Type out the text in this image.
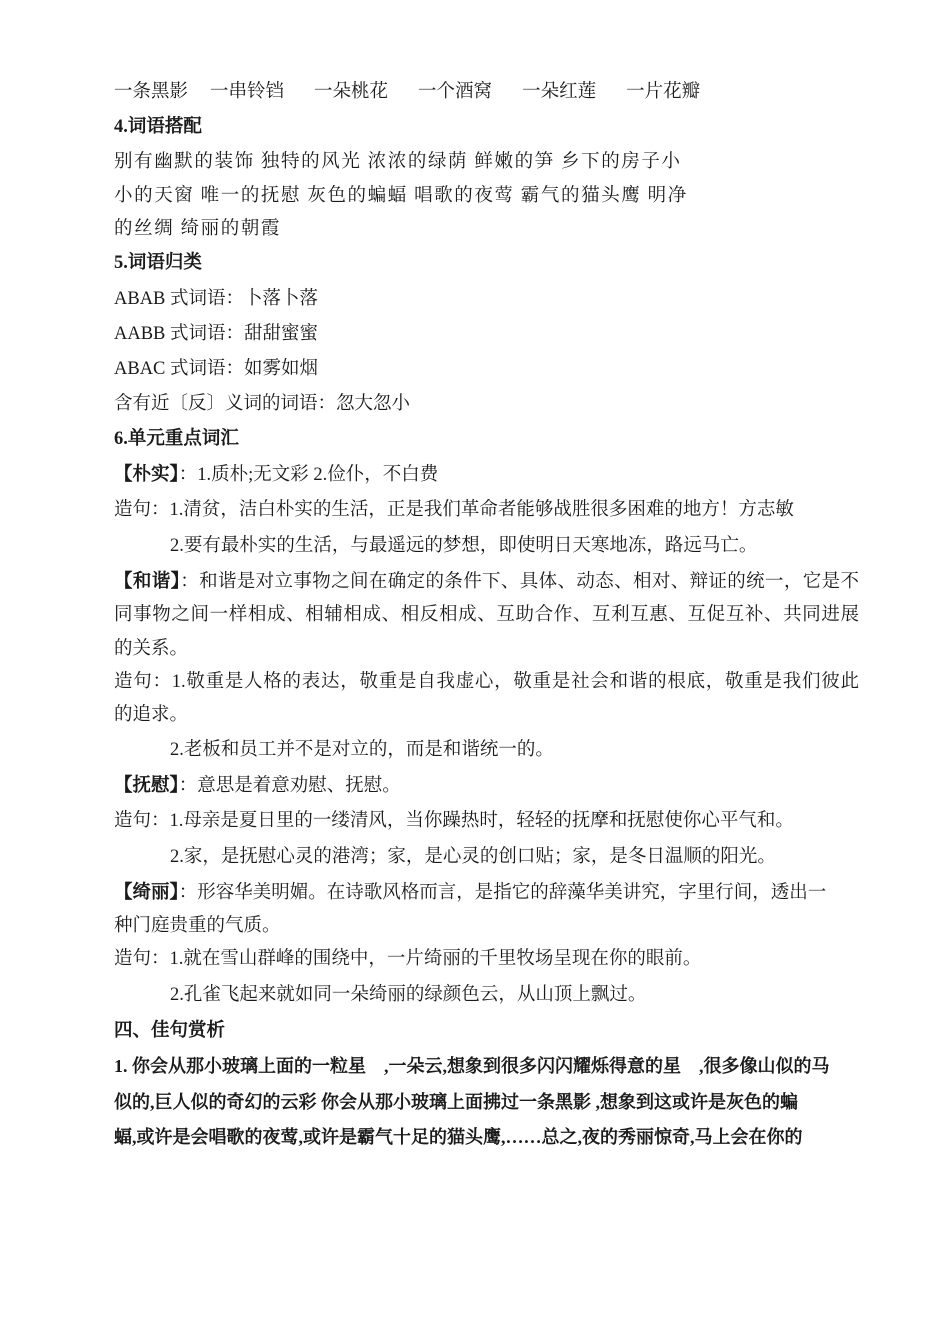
一条黑影 一串铃铛 一朵桃花 一个酒窝 一朵红莲 一片花瓣
4.词语搭配
别有幽默的装饰 独特的风光 浓浓的绿荫 鲜嫩的笋 乡下的房子小
小的天窗 唯一的抚慰 灰色的蝙蝠 唱歌的夜莺 霸气的猫头鹰 明净
的丝绸 绮丽的朝霞
5.词语归类
ABAB 式词语：卜落卜落
AABB 式词语：甜甜蜜蜜
ABAC 式词语：如雾如烟
含有近〔反〕义词的词语：忽大忽小
6.单元重点词汇
【朴实】：1.质朴;无文彩 2.俭仆，不白费
造句：1.清贫，洁白朴实的生活，正是我们革命者能够战胜很多困难的地方！方志敏
2.要有最朴实的生活，与最遥远的梦想，即使明日天寒地冻，路远马亡。
【和谐】：和谐是对立事物之间在确定的条件下、具体、动态、相对、辩证的统一，它是不
同事物之间一样相成、相辅相成、相反相成、互助合作、互利互惠、互促互补、共同进展
的关系。
造句：1.敬重是人格的表达，敬重是自我虚心，敬重是社会和谐的根底，敬重是我们彼此
的追求。
2.老板和员工并不是对立的，而是和谐统一的。
【抚慰】：意思是着意劝慰、抚慰。
造句：1.母亲是夏日里的一缕清风，当你躁热时，轻轻的抚摩和抚慰使你心平气和。
2.家，是抚慰心灵的港湾；家，是心灵的创口贴；家，是冬日温顺的阳光。
【绮丽】：形容华美明媚。在诗歌风格而言，是指它的辞藻华美讲究，字里行间，透出一
种门庭贵重的气质。
造句：1.就在雪山群峰的围绕中，一片绮丽的千里牧场呈现在你的眼前。
2.孔雀飞起来就如同一朵绮丽的绿颜色云，从山顶上飘过。
四、佳句赏析
1. 你会从那小玻璃上面的一粒星　,一朵云,想象到很多闪闪耀烁得意的星　,很多像山似的马
似的,巨人似的奇幻的云彩 你会从那小玻璃上面拂过一条黑影 ,想象到这或许是灰色的蝙
蝠,或许是会唱歌的夜莺,或许是霸气十足的猫头鹰,……总之,夜的秀丽惊奇,马上会在你的
